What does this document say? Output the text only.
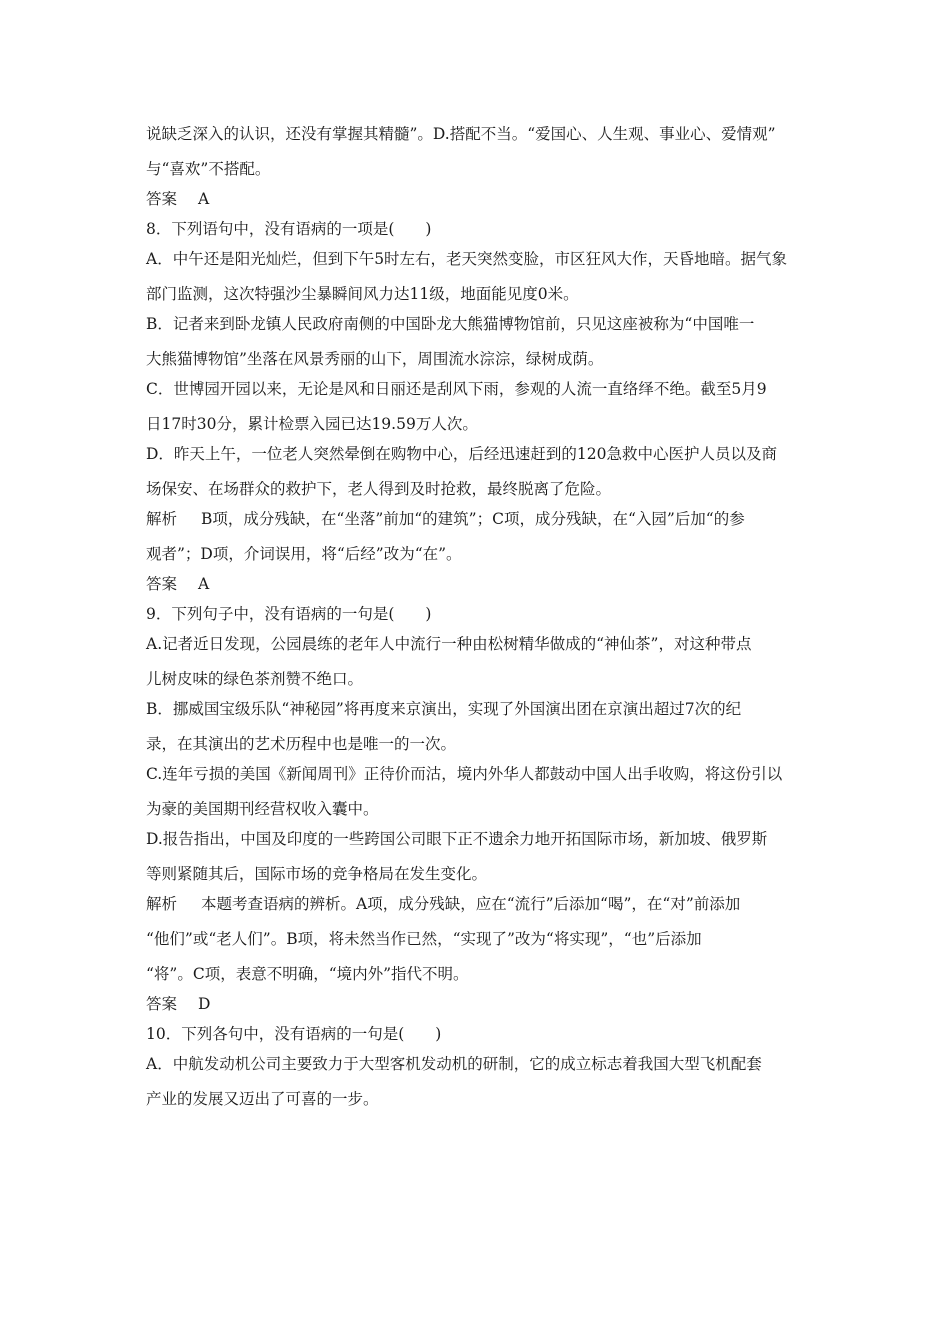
说缺乏深入的认识，还没有掌握其精髓”。D.搭配不当。“爱国心、人生观、事业心、爱情观”
与“喜欢”不搭配。
答案 A
8．下列语句中，没有语病的一项是(　　)
A．中午还是阳光灿烂，但到下午5时左右，老天突然变脸，市区狂风大作，天昏地暗。据气象
部门监测，这次特强沙尘暴瞬间风力达11级，地面能见度0米。
B．记者来到卧龙镇人民政府南侧的中国卧龙大熊猫博物馆前，只见这座被称为“中国唯一
大熊猫博物馆”坐落在风景秀丽的山下，周围流水淙淙，绿树成荫。
C．世博园开园以来，无论是风和日丽还是刮风下雨，参观的人流一直络绎不绝。截至5月9
日17时30分，累计检票入园已达19.59万人次。
D．昨天上午，一位老人突然晕倒在购物中心，后经迅速赶到的120急救中心医护人员以及商
场保安、在场群众的救护下，老人得到及时抢救，最终脱离了危险。
解析 B项，成分残缺，在“坐落”前加“的建筑”；C项，成分残缺，在“入园”后加“的参
观者”；D项，介词误用，将“后经”改为“在”。
答案 A
9．下列句子中，没有语病的一句是(　　)
A.记者近日发现，公园晨练的老年人中流行一种由松树精华做成的“神仙茶”，对这种带点
儿树皮味的绿色茶剂赞不绝口。
B．挪威国宝级乐队“神秘园”将再度来京演出，实现了外国演出团在京演出超过7次的纪
录，在其演出的艺术历程中也是唯一的一次。
C.连年亏损的美国《新闻周刊》正待价而沽，境内外华人都鼓动中国人出手收购，将这份引以
为豪的美国期刊经营权收入囊中。
D.报告指出，中国及印度的一些跨国公司眼下正不遗余力地开拓国际市场，新加坡、俄罗斯
等则紧随其后，国际市场的竞争格局在发生变化。
解析 本题考查语病的辨析。A项，成分残缺，应在“流行”后添加“喝”，在“对”前添加
“他们”或“老人们”。B项，将未然当作已然，“实现了”改为“将实现”，“也”后添加
“将”。C项，表意不明确，“境内外”指代不明。
答案 D
10．下列各句中，没有语病的一句是(　　)
A．中航发动机公司主要致力于大型客机发动机的研制，它的成立标志着我国大型飞机配套
产业的发展又迈出了可喜的一步。
